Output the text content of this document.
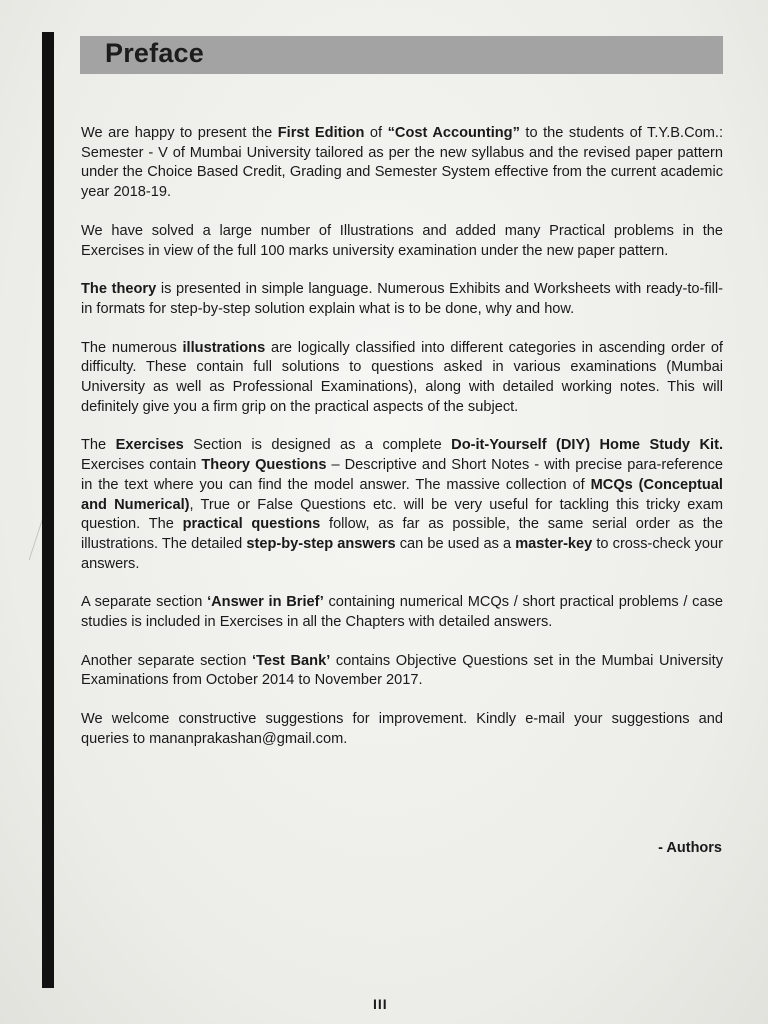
Preface

We are happy to present the First Edition of “Cost Accounting” to the students of T.Y.B.Com.: Semester - V of Mumbai University tailored as per the new syllabus and the revised paper pattern under the Choice Based Credit, Grading and Semester System effective from the current academic year 2018-19.

We have solved a large number of Illustrations and added many Practical problems in the Exercises in view of the full 100 marks university examination under the new paper pattern.

The theory is presented in simple language. Numerous Exhibits and Worksheets with ready-to-fill-in formats for step-by-step solution explain what is to be done, why and how.

The numerous illustrations are logically classified into different categories in ascending order of difficulty. These contain full solutions to questions asked in various examinations (Mumbai University as well as Professional Examinations), along with detailed working notes. This will definitely give you a firm grip on the practical aspects of the subject.

The Exercises Section is designed as a complete Do-it-Yourself (DIY) Home Study Kit. Exercises contain Theory Questions – Descriptive and Short Notes - with precise para-reference in the text where you can find the model answer. The massive collection of MCQs (Conceptual and Numerical), True or False Questions etc. will be very useful for tackling this tricky exam question. The practical questions follow, as far as possible, the same serial order as the illustrations. The detailed step-by-step answers can be used as a master-key to cross-check your answers.

A separate section ‘Answer in Brief’ containing numerical MCQs / short practical problems / case studies is included in Exercises in all the Chapters with detailed answers.

Another separate section ‘Test Bank’ contains Objective Questions set in the Mumbai University Examinations from October 2014 to November 2017.

We welcome constructive suggestions for improvement. Kindly e-mail your suggestions and queries to mananprakashan@gmail.com.

- Authors
III
